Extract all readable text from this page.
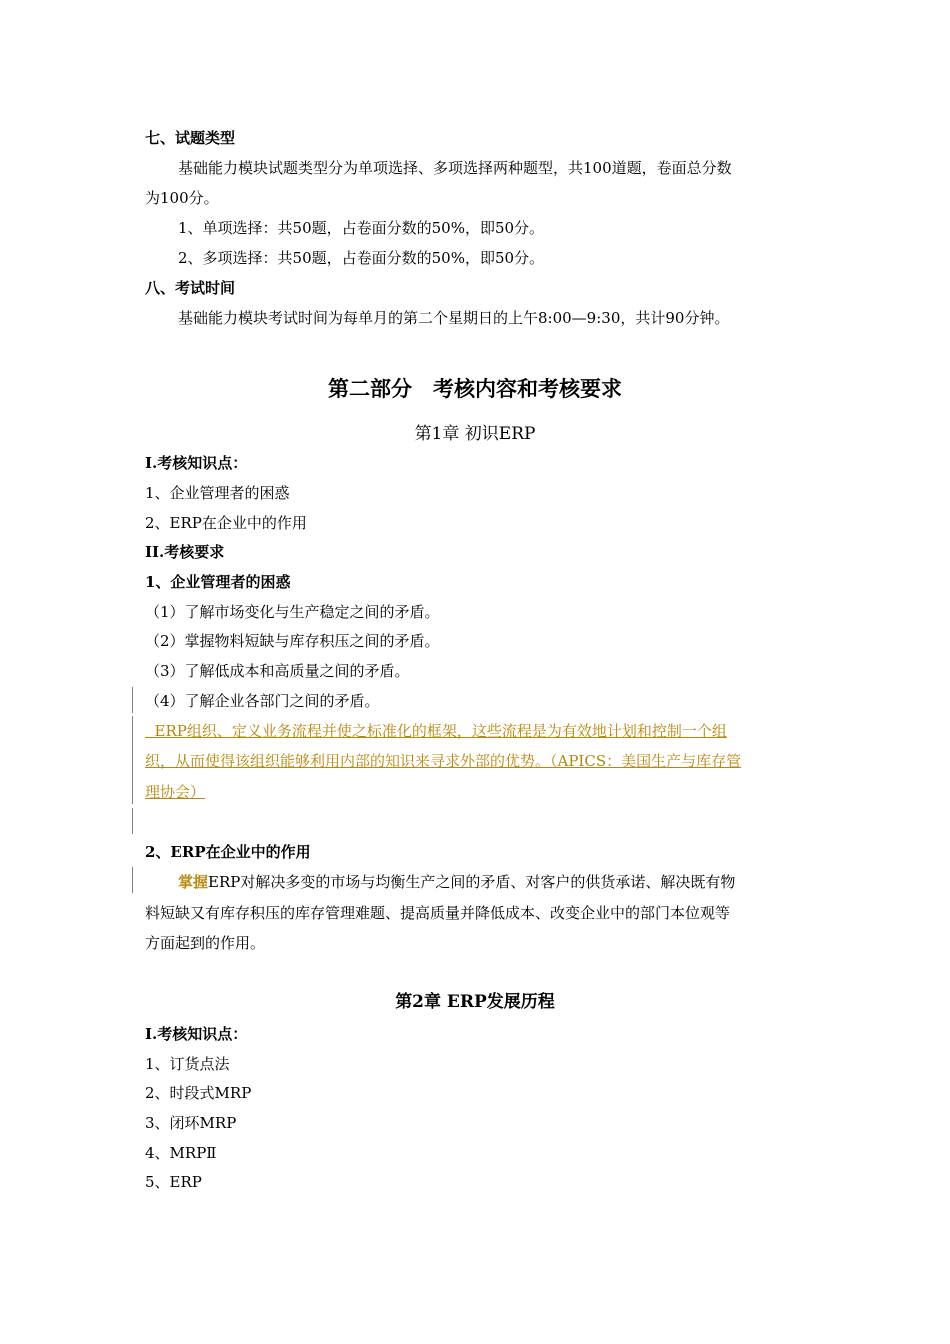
七、试题类型
基础能力模块试题类型分为单项选择、多项选择两种题型，共100道题，卷面总分数
为100分。
1、单项选择：共50题，占卷面分数的50%，即50分。
2、多项选择：共50题，占卷面分数的50%，即50分。
八、考试时间
基础能力模块考试时间为每单月的第二个星期日的上午8:00—9:30，共计90分钟。
第二部分　考核内容和考核要求
第1章 初识ERP
I.考核知识点：
1、企业管理者的困惑
2、ERP在企业中的作用
II.考核要求
1、企业管理者的困惑
（1）了解市场变化与生产稳定之间的矛盾。
（2）掌握物料短缺与库存积压之间的矛盾。
（3）了解低成本和高质量之间的矛盾。
（4）了解企业各部门之间的矛盾。
ERP组织、定义业务流程并使之标准化的框架，这些流程是为有效地计划和控制一个组
织，从而使得该组织能够利用内部的知识来寻求外部的优势。（APICS：美国生产与库存管
理协会）
2、ERP在企业中的作用
掌握ERP对解决多变的市场与均衡生产之间的矛盾、对客户的供货承诺、解决既有物
料短缺又有库存积压的库存管理难题、提高质量并降低成本、改变企业中的部门本位观等
方面起到的作用。
第2章 ERP发展历程
I.考核知识点：
1、订货点法
2、时段式MRP
3、闭环MRP
4、MRPⅡ
5、ERP
